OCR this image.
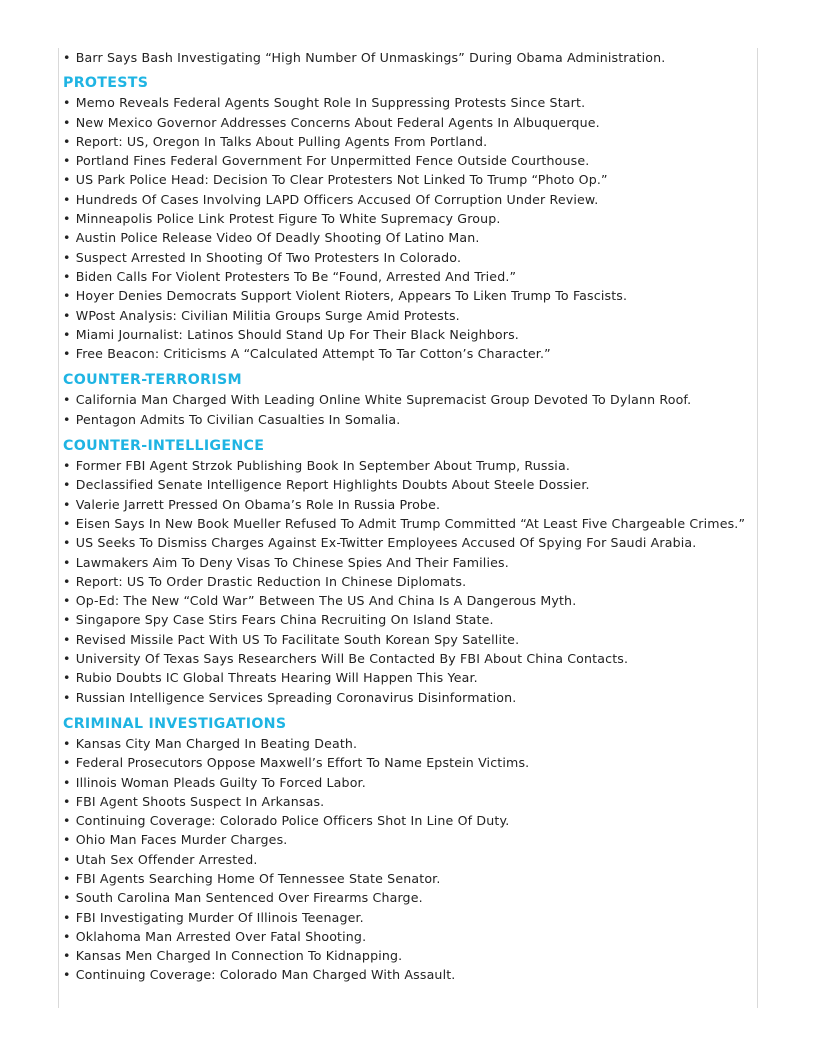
• Barr Says Bash Investigating “High Number Of Unmaskings” During Obama Administration.
PROTESTS
• Memo Reveals Federal Agents Sought Role In Suppressing Protests Since Start.
• New Mexico Governor Addresses Concerns About Federal Agents In Albuquerque.
• Report: US, Oregon In Talks About Pulling Agents From Portland.
• Portland Fines Federal Government For Unpermitted Fence Outside Courthouse.
• US Park Police Head: Decision To Clear Protesters Not Linked To Trump “Photo Op.”
• Hundreds Of Cases Involving LAPD Officers Accused Of Corruption Under Review.
• Minneapolis Police Link Protest Figure To White Supremacy Group.
• Austin Police Release Video Of Deadly Shooting Of Latino Man.
• Suspect Arrested In Shooting Of Two Protesters In Colorado.
• Biden Calls For Violent Protesters To Be “Found, Arrested And Tried.”
• Hoyer Denies Democrats Support Violent Rioters, Appears To Liken Trump To Fascists.
• WPost Analysis: Civilian Militia Groups Surge Amid Protests.
• Miami Journalist: Latinos Should Stand Up For Their Black Neighbors.
• Free Beacon: Criticisms A “Calculated Attempt To Tar Cotton’s Character.”
COUNTER-TERRORISM
• California Man Charged With Leading Online White Supremacist Group Devoted To Dylann Roof.
• Pentagon Admits To Civilian Casualties In Somalia.
COUNTER-INTELLIGENCE
• Former FBI Agent Strzok Publishing Book In September About Trump, Russia.
• Declassified Senate Intelligence Report Highlights Doubts About Steele Dossier.
• Valerie Jarrett Pressed On Obama’s Role In Russia Probe.
• Eisen Says In New Book Mueller Refused To Admit Trump Committed “At Least Five Chargeable Crimes.”
• US Seeks To Dismiss Charges Against Ex-Twitter Employees Accused Of Spying For Saudi Arabia.
• Lawmakers Aim To Deny Visas To Chinese Spies And Their Families.
• Report: US To Order Drastic Reduction In Chinese Diplomats.
• Op-Ed: The New “Cold War” Between The US And China Is A Dangerous Myth.
• Singapore Spy Case Stirs Fears China Recruiting On Island State.
• Revised Missile Pact With US To Facilitate South Korean Spy Satellite.
• University Of Texas Says Researchers Will Be Contacted By FBI About China Contacts.
• Rubio Doubts IC Global Threats Hearing Will Happen This Year.
• Russian Intelligence Services Spreading Coronavirus Disinformation.
CRIMINAL INVESTIGATIONS
• Kansas City Man Charged In Beating Death.
• Federal Prosecutors Oppose Maxwell’s Effort To Name Epstein Victims.
• Illinois Woman Pleads Guilty To Forced Labor.
• FBI Agent Shoots Suspect In Arkansas.
• Continuing Coverage: Colorado Police Officers Shot In Line Of Duty.
• Ohio Man Faces Murder Charges.
• Utah Sex Offender Arrested.
• FBI Agents Searching Home Of Tennessee State Senator.
• South Carolina Man Sentenced Over Firearms Charge.
• FBI Investigating Murder Of Illinois Teenager.
• Oklahoma Man Arrested Over Fatal Shooting.
• Kansas Men Charged In Connection To Kidnapping.
• Continuing Coverage: Colorado Man Charged With Assault.
